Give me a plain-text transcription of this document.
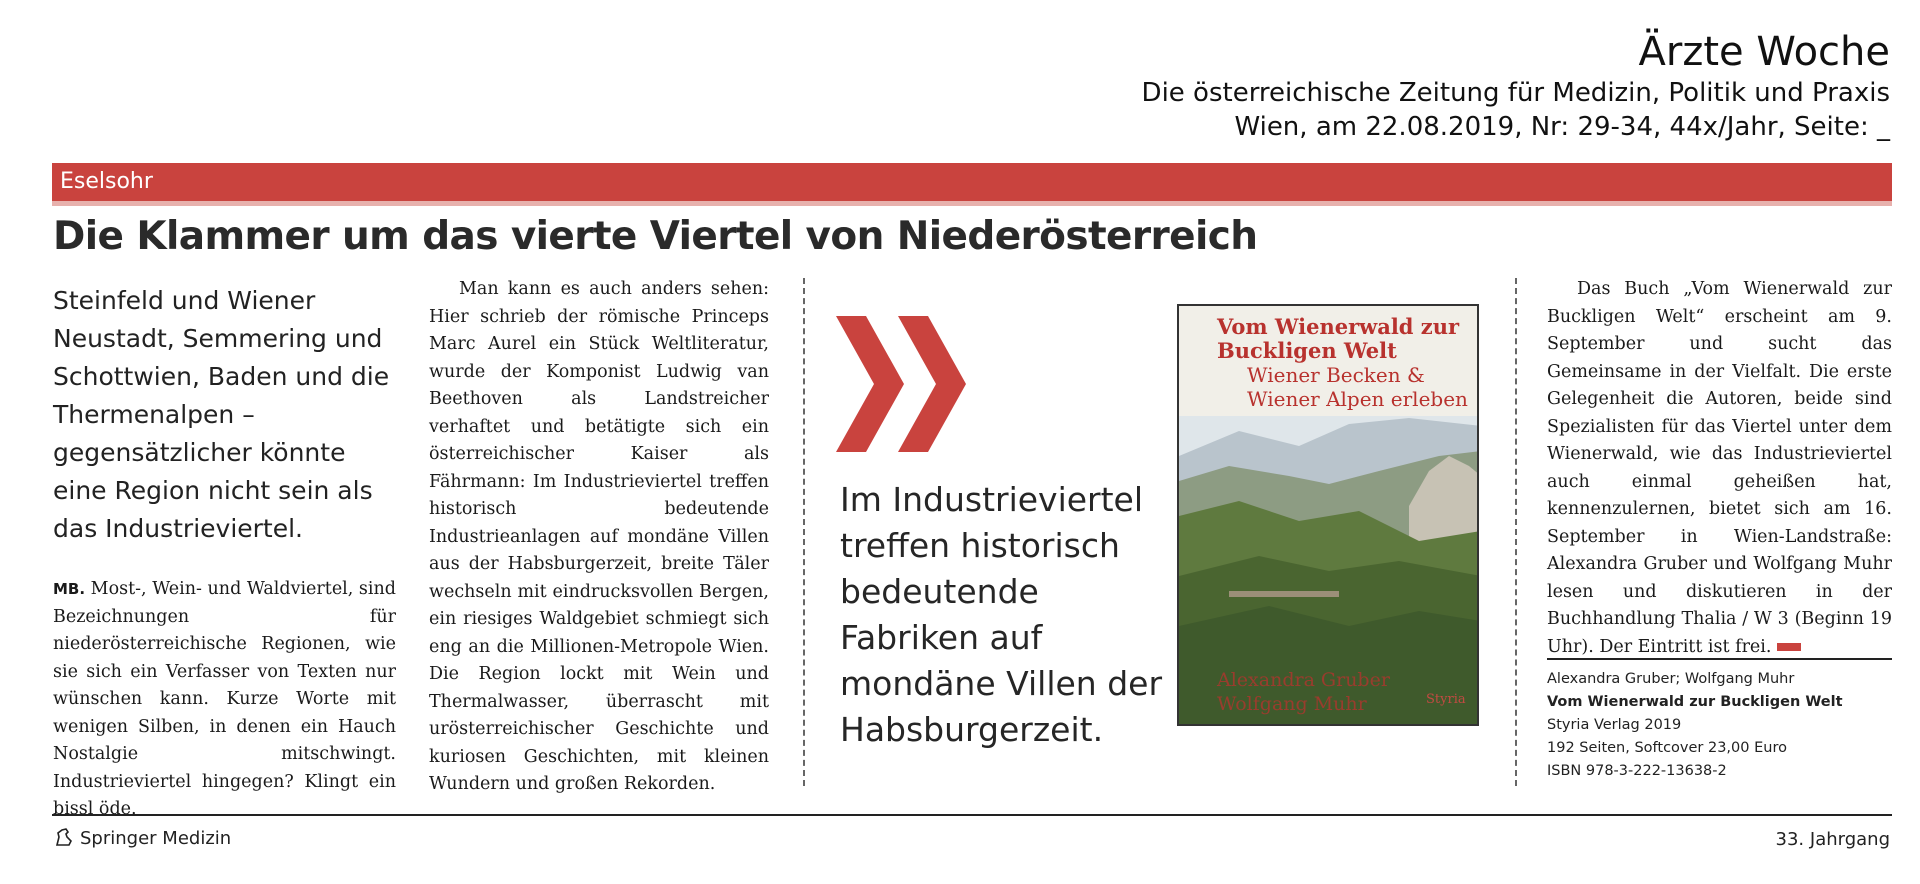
Ärzte Woche
Die österreichische Zeitung für Medizin, Politik und Praxis
Wien, am 22.08.2019, Nr: 29-34, 44x/Jahr, Seite: _
Eselsohr
Die Klammer um das vierte Viertel von Niederösterreich
Steinfeld und Wiener Neustadt, Semmering und Schottwien, Baden und die Thermenalpen – gegensätzlicher könnte eine Region nicht sein als das Industrieviertel.

MB. Most-, Wein- und Waldviertel, sind Bezeichnungen für niederösterreichische Regionen, wie sie sich ein Verfasser von Texten nur wünschen kann. Kurze Worte mit wenigen Silben, in denen ein Hauch Nostalgie mitschwingt. Industrieviertel hingegen? Klingt ein bissl öde.

Man kann es auch anders sehen: Hier schrieb der römische Princeps Marc Aurel ein Stück Weltliteratur, wurde der Komponist Ludwig van Beethoven als Landstreicher verhaftet und betätigte sich ein österreichischer Kaiser als Fährmann: Im Industrieviertel treffen historisch bedeutende Industrieanlagen auf mondäne Villen aus der Habsburgerzeit, breite Täler wechseln mit eindrucksvollen Bergen, ein riesiges Waldgebiet schmiegt sich eng an die Millionen-Metropole Wien. Die Region lockt mit Wein und Thermalwasser, überrascht mit urösterreichischer Geschichte und kuriosen Geschichten, mit kleinen Wundern und großen Rekorden.

Im Industrieviertel treffen historisch bedeutende Fabriken auf mondäne Villen der Habsburgerzeit.
Vom Wienerwald zur Buckligen Welt
Wiener Becken & Wiener Alpen erleben
Alexandra Gruber Wolfgang Muhr	Styria

Das Buch „Vom Wienerwald zur Buckligen Welt“ erscheint am 9. September und sucht das Gemeinsame in der Vielfalt. Die erste Gelegenheit die Autoren, beide sind Spezialisten für das Viertel unter dem Wienerwald, wie das Industrieviertel auch einmal geheißen hat, kennenzulernen, bietet sich am 16. September in Wien-Landstraße: Alexandra Gruber und Wolfgang Muhr lesen und diskutieren in der Buchhandlung Thalia / W 3 (Beginn 19 Uhr). Der Eintritt ist frei.

Alexandra Gruber; Wolfgang Muhr
Vom Wienerwald zur Buckligen Welt
Styria Verlag 2019
192 Seiten, Softcover 23,00 Euro
ISBN 978-3-222-13638-2
Springer Medizin	33. Jahrgang
